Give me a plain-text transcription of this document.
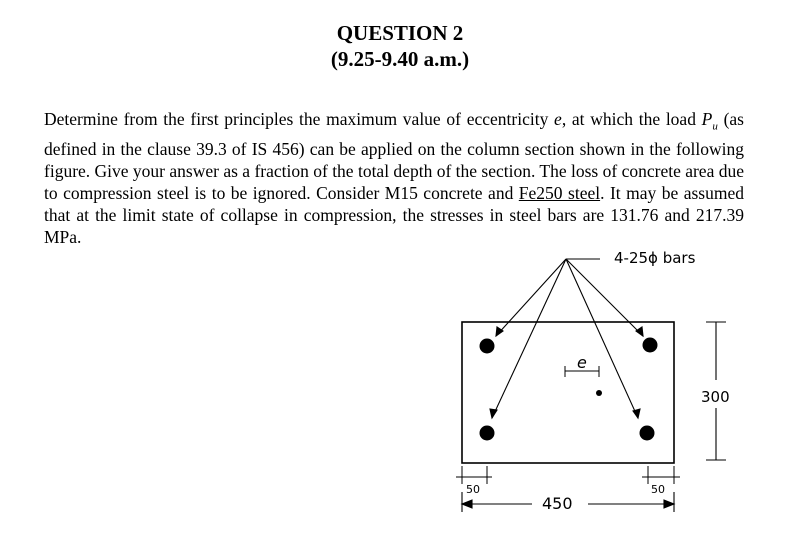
QUESTION 2
(9.25-9.40 a.m.)
Determine from the first principles the maximum value of eccentricity e, at which the load $P_u$ (as defined in the clause 39.3 of IS 456) can be applied on the column section shown in the following figure. Give your answer as a fraction of the total depth of the section. The loss of concrete area due to compression steel is to be ignored. Consider M15 concrete and Fe250 steel. It may be assumed that at the limit state of collapse in compression, the stresses in steel bars are 131.76 and 217.39 MPa.
4-25ϕ bars
e
300
50	50
450
